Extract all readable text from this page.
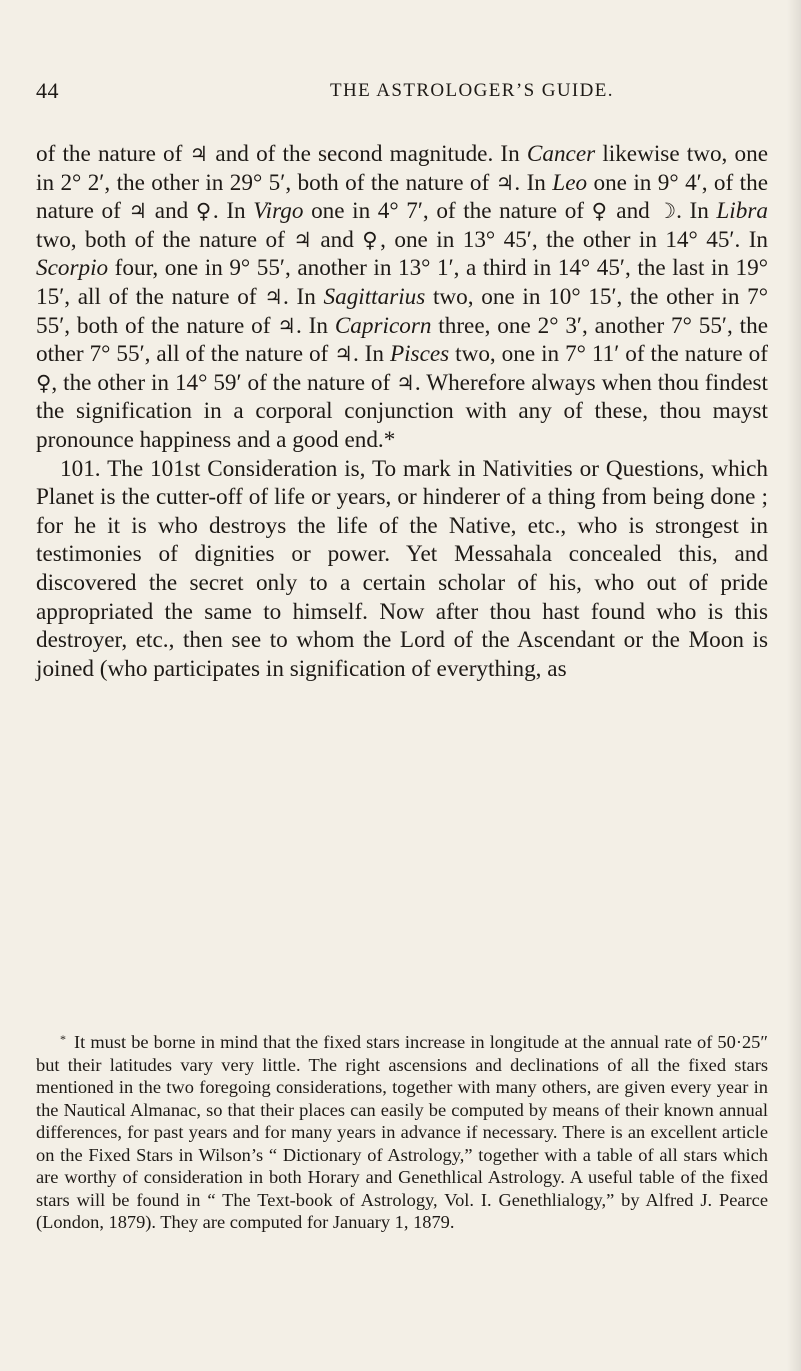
44	THE ASTROLOGER’S GUIDE.

of the nature of ♃ and of the second magnitude. In Cancer likewise two, one in 2° 2′, the other in 29° 5′, both of the nature of ♃. In Leo one in 9° 4′, of the nature of ♃ and ♀. In Virgo one in 4° 7′, of the nature of ♀ and ☽. In Libra two, both of the nature of ♃ and ♀, one in 13° 45′, the other in 14° 45′. In Scorpio four, one in 9° 55′, another in 13° 1′, a third in 14° 45′, the last in 19° 15′, all of the nature of ♃. In Sagittarius two, one in 10° 15′, the other in 7° 55′, both of the nature of ♃. In Capricorn three, one 2° 3′, another 7° 55′, the other 7° 55′, all of the nature of ♃. In Pisces two, one in 7° 11′ of the nature of ♀, the other in 14° 59′ of the nature of ♃. Wherefore always when thou findest the signification in a corporal conjunction with any of these, thou mayst pronounce happiness and a good end.*

101. The 101st Consideration is, To mark in Nativities or Questions, which Planet is the cutter-off of life or years, or hinderer of a thing from being done ; for he it is who destroys the life of the Native, etc., who is strongest in testimonies of dignities or power. Yet Messahala concealed this, and discovered the secret only to a certain scholar of his, who out of pride appropriated the same to himself. Now after thou hast found who is this destroyer, etc., then see to whom the Lord of the Ascendant or the Moon is joined (who participates in signification of everything, as

* It must be borne in mind that the fixed stars increase in longitude at the annual rate of 50·25″ but their latitudes vary very little. The right ascensions and declinations of all the fixed stars mentioned in the two foregoing considerations, together with many others, are given every year in the Nautical Almanac, so that their places can easily be computed by means of their known annual differences, for past years and for many years in advance if necessary. There is an excellent article on the Fixed Stars in Wilson’s “ Dictionary of Astrology,” together with a table of all stars which are worthy of consideration in both Horary and Genethlical Astrology. A useful table of the fixed stars will be found in “ The Text-book of Astrology, Vol. I. Genethlialogy,” by Alfred J. Pearce (London, 1879). They are computed for January 1, 1879.
